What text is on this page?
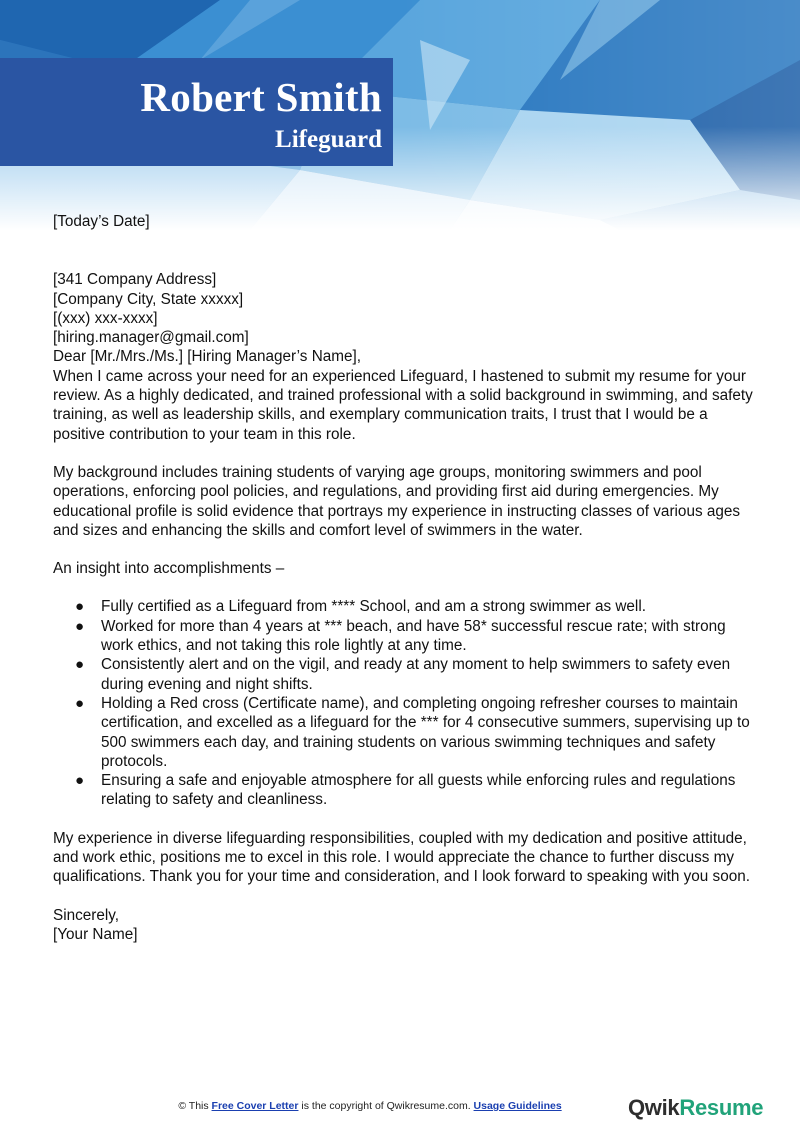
Robert Smith
Lifeguard

[Today’s Date]

[341 Company Address]
[Company City, State xxxxx]
[(xxx) xxx-xxxx]
[hiring.manager@gmail.com]

Dear [Mr./Mrs./Ms.] [Hiring Manager’s Name],

When I came across your need for an experienced Lifeguard, I hastened to submit my resume for your review. As a highly dedicated, and trained professional with a solid background in swimming, and safety training, as well as leadership skills, and exemplary communication traits, I trust that I would be a positive contribution to your team in this role.

My background includes training students of varying age groups, monitoring swimmers and pool operations, enforcing pool policies, and regulations, and providing first aid during emergencies. My educational profile is solid evidence that portrays my experience in instructing classes of various ages and sizes and enhancing the skills and comfort level of swimmers in the water.

An insight into accomplishments –

● Fully certified as a Lifeguard from **** School, and am a strong swimmer as well.
● Worked for more than 4 years at *** beach, and have 58* successful rescue rate; with strong work ethics, and not taking this role lightly at any time.
● Consistently alert and on the vigil, and ready at any moment to help swimmers to safety even during evening and night shifts.
● Holding a Red cross (Certificate name), and completing ongoing refresher courses to maintain certification, and excelled as a lifeguard for the *** for 4 consecutive summers, supervising up to 500 swimmers each day, and training students on various swimming techniques and safety protocols.
● Ensuring a safe and enjoyable atmosphere for all guests while enforcing rules and regulations relating to safety and cleanliness.

My experience in diverse lifeguarding responsibilities, coupled with my dedication and positive attitude, and work ethic, positions me to excel in this role. I would appreciate the chance to further discuss my qualifications. Thank you for your time and consideration, and I look forward to speaking with you soon.

Sincerely,

[Your Name]

© This Free Cover Letter is the copyright of Qwikresume.com. Usage Guidelines	QwikResume
